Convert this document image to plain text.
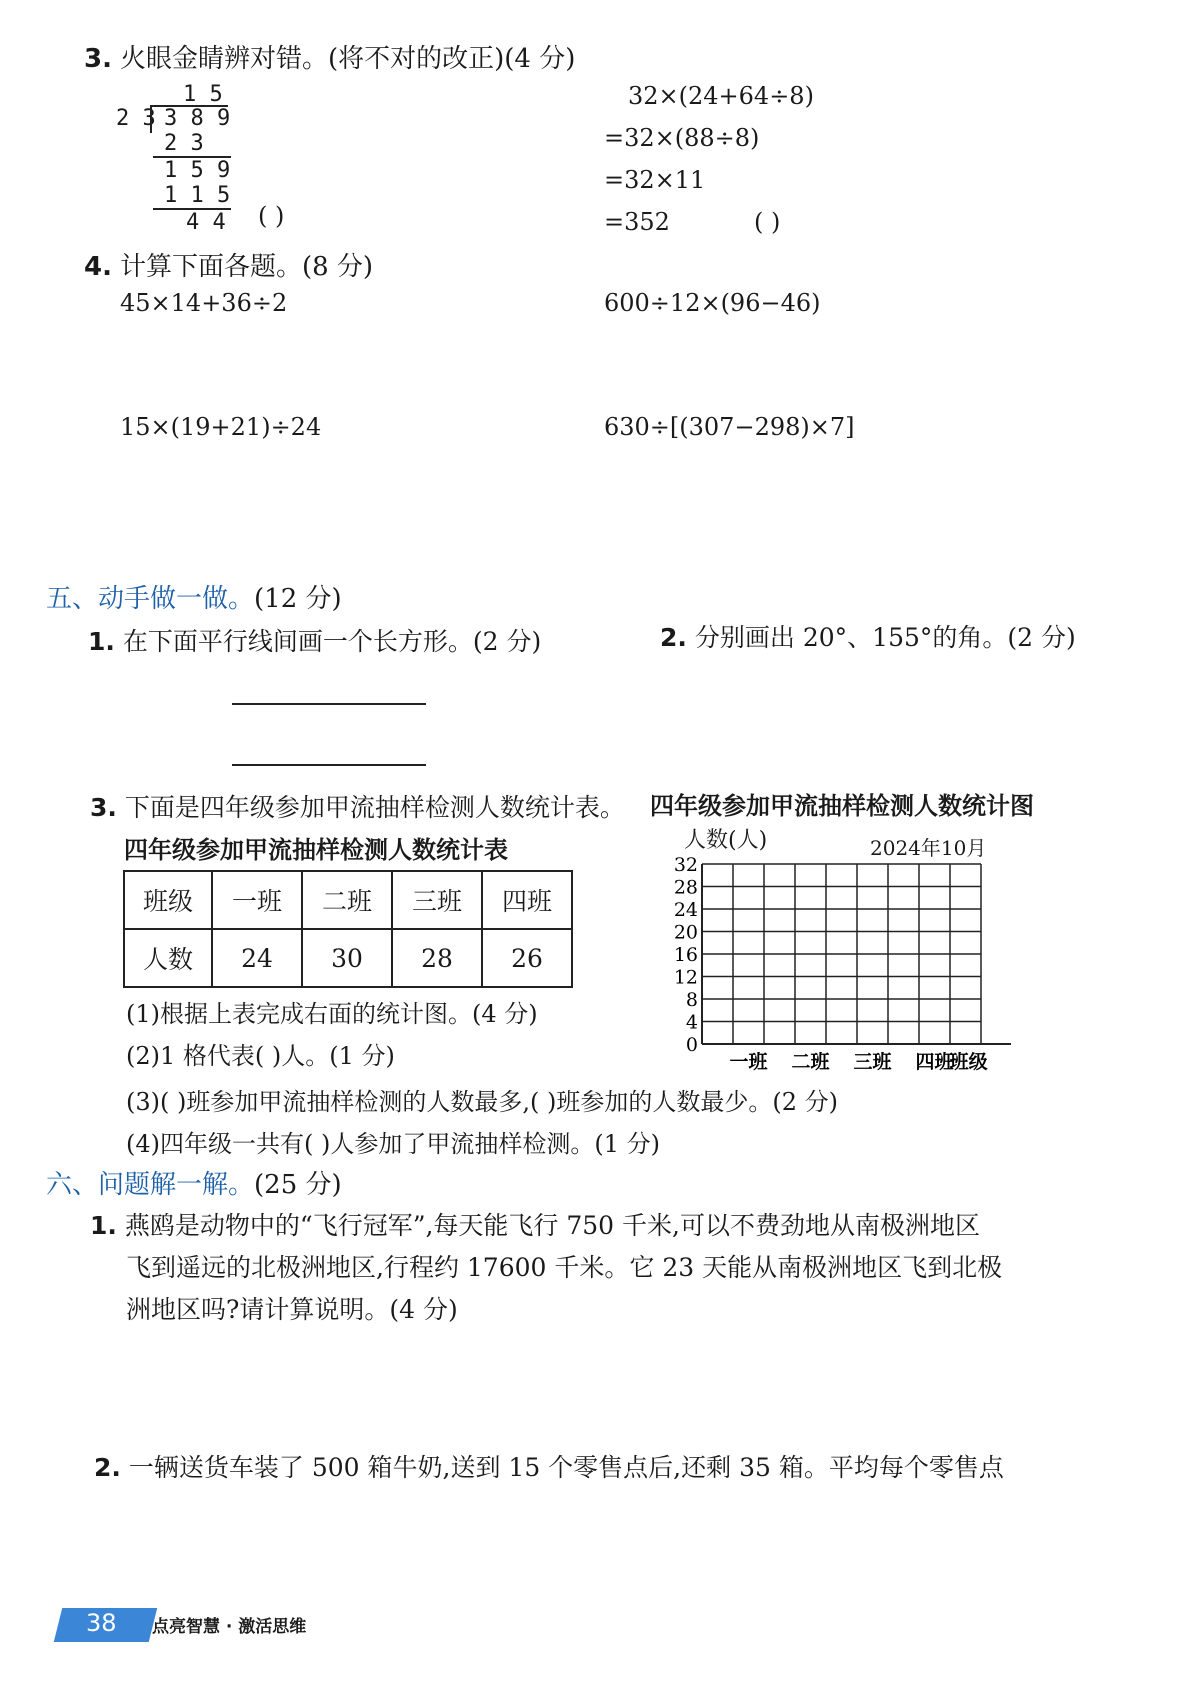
3. 火眼金睛辨对错。(将不对的改正)(4 分)
1 5
2 3 3 8 9
2 3
1 5 9
1 1 5
4 4 ( )
32×(24+64÷8)
=32×(88÷8)
=32×11
=352	( )
4. 计算下面各题。(8 分)
45×14+36÷2	600÷12×(96−46)
15×(19+21)÷24	630÷[(307−298)×7]
五、动手做一做。(12 分)
1. 在下面平行线间画一个长方形。(2 分)	2. 分别画出 20°、155°的角。(2 分)
3. 下面是四年级参加甲流抽样检测人数统计表。
四年级参加甲流抽样检测人数统计表
班级	一班	二班	三班	四班
人数	24	30	28	26
(1)根据上表完成右面的统计图。(4 分)
(2)1 格代表( )人。(1 分)
(3)( )班参加甲流抽样检测的人数最多,( )班参加的人数最少。(2 分)
(4)四年级一共有( )人参加了甲流抽样检测。(1 分)
四年级参加甲流抽样检测人数统计图
人数(人)	2024年10月
0
4
8
12
16
20
24
28
32
一班 二班 三班 四班
班级
六、问题解一解。(25 分)
1. 燕鸥是动物中的“飞行冠军”,每天能飞行 750 千米,可以不费劲地从南极洲地区
飞到遥远的北极洲地区,行程约 17600 千米。它 23 天能从南极洲地区飞到北极
洲地区吗?请计算说明。(4 分)
2. 一辆送货车装了 500 箱牛奶,送到 15 个零售点后,还剩 35 箱。平均每个零售点
38 点亮智慧 · 激活思维
